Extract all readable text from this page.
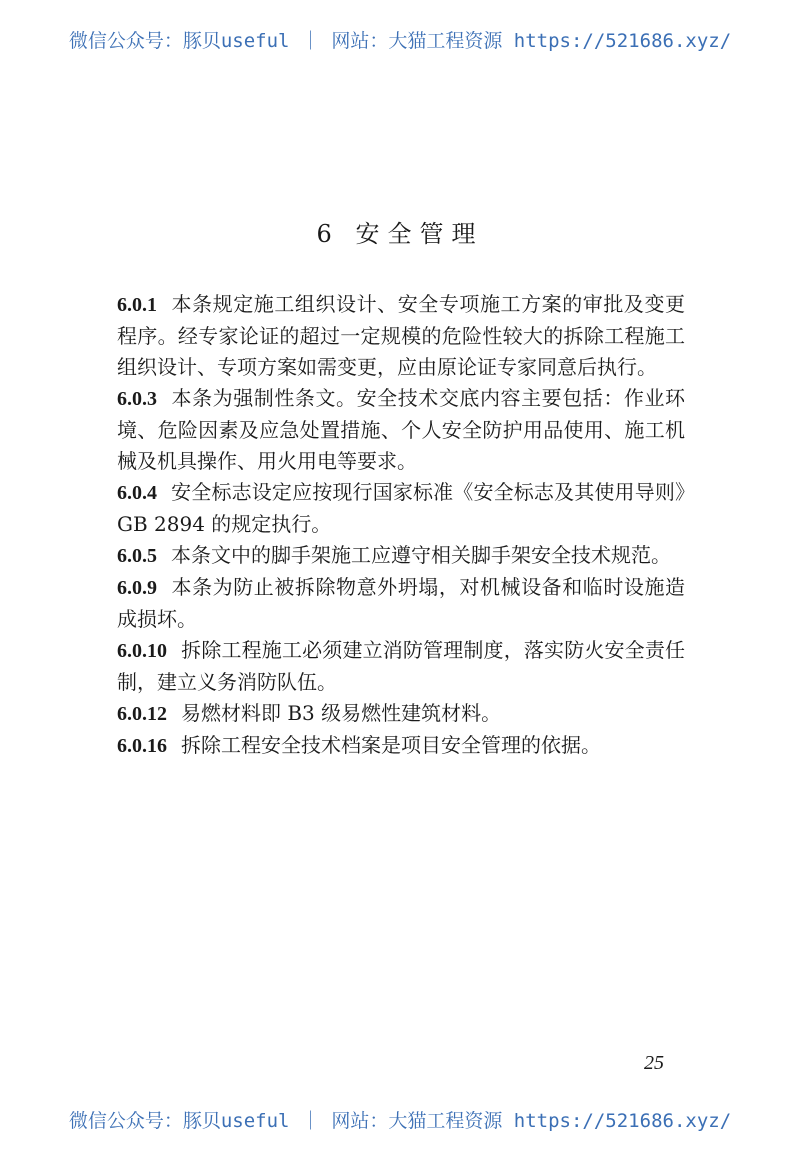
微信公众号：豚贝useful ｜ 网站：大猫工程资源 https://521686.xyz/
6 安全管理

6.0.1 本条规定施工组织设计、安全专项施工方案的审批及变更程序。经专家论证的超过一定规模的危险性较大的拆除工程施工组织设计、专项方案如需变更，应由原论证专家同意后执行。

6.0.3 本条为强制性条文。安全技术交底内容主要包括：作业环境、危险因素及应急处置措施、个人安全防护用品使用、施工机械及机具操作、用火用电等要求。

6.0.4 安全标志设定应按现行国家标准《安全标志及其使用导则》GB 2894 的规定执行。

6.0.5 本条文中的脚手架施工应遵守相关脚手架安全技术规范。

6.0.9 本条为防止被拆除物意外坍塌，对机械设备和临时设施造成损坏。

6.0.10 拆除工程施工必须建立消防管理制度，落实防火安全责任制，建立义务消防队伍。

6.0.12 易燃材料即 B3 级易燃性建筑材料。

6.0.16 拆除工程安全技术档案是项目安全管理的依据。

25
微信公众号：豚贝useful ｜ 网站：大猫工程资源 https://521686.xyz/
